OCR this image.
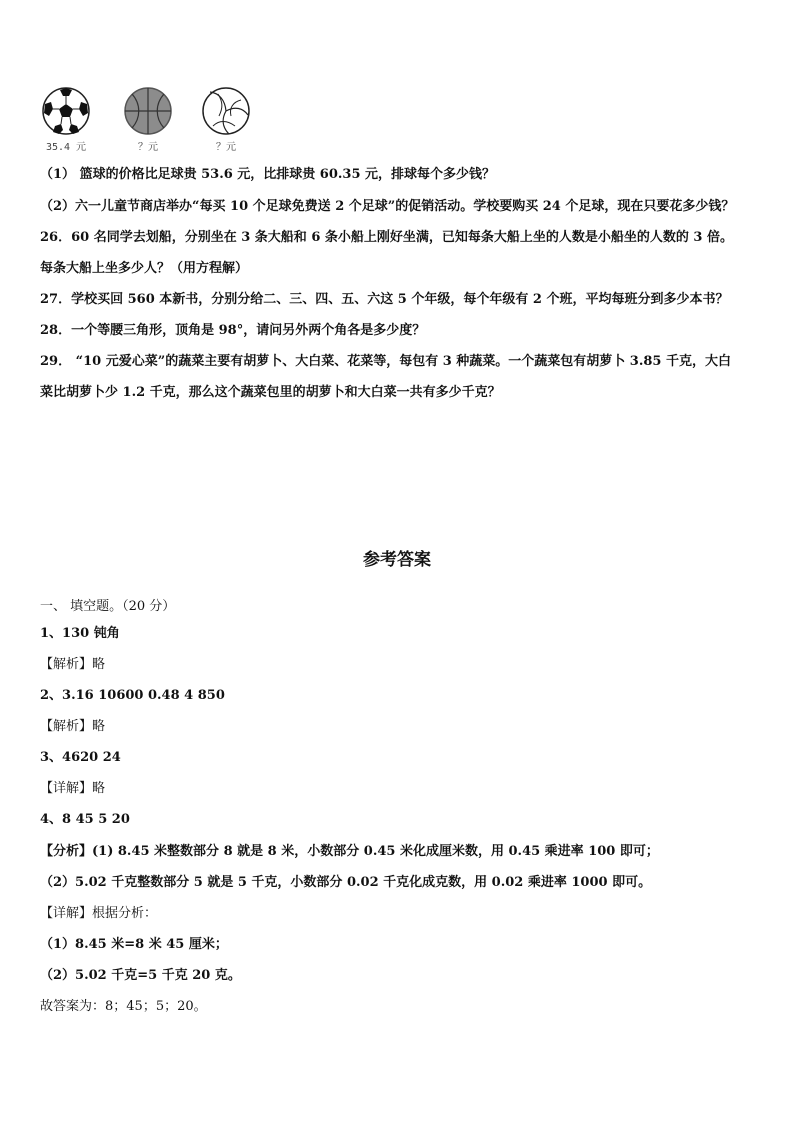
35.4 元	？元	？元
（1） 篮球的价格比足球贵 53.6 元，比排球贵 60.35 元，排球每个多少钱？
（2）六一儿童节商店举办“每买 10 个足球免费送 2 个足球”的促销活动。学校要购买 24 个足球，现在只要花多少钱？
26．60 名同学去划船，分别坐在 3 条大船和 6 条小船上刚好坐满，已知每条大船上坐的人数是小船坐的人数的 3 倍。
每条大船上坐多少人？（用方程解）
27．学校买回 560 本新书，分别分给二、三、四、五、六这 5 个年级，每个年级有 2 个班，平均每班分到多少本书？
28．一个等腰三角形，顶角是 98°，请问另外两个角各是多少度？
29． “10 元爱心菜”的蔬菜主要有胡萝卜、大白菜、花菜等，每包有 3 种蔬菜。一个蔬菜包有胡萝卜 3.85 千克，大白
菜比胡萝卜少 1.2 千克，那么这个蔬菜包里的胡萝卜和大白菜一共有多少千克？
参考答案
一、 填空题。（20 分）
1、130 钝角
【解析】略
2、3.16 10600 0.48 4 850
【解析】略
3、4620 24
【详解】略
4、8 45 5 20
【分析】(1) 8.45 米整数部分 8 就是 8 米，小数部分 0.45 米化成厘米数，用 0.45 乘进率 100 即可；
（2）5.02 千克整数部分 5 就是 5 千克，小数部分 0.02 千克化成克数，用 0.02 乘进率 1000 即可。
【详解】根据分析：
（1）8.45 米=8 米 45 厘米；
（2）5.02 千克=5 千克 20 克。
故答案为：8；45；5；20。
